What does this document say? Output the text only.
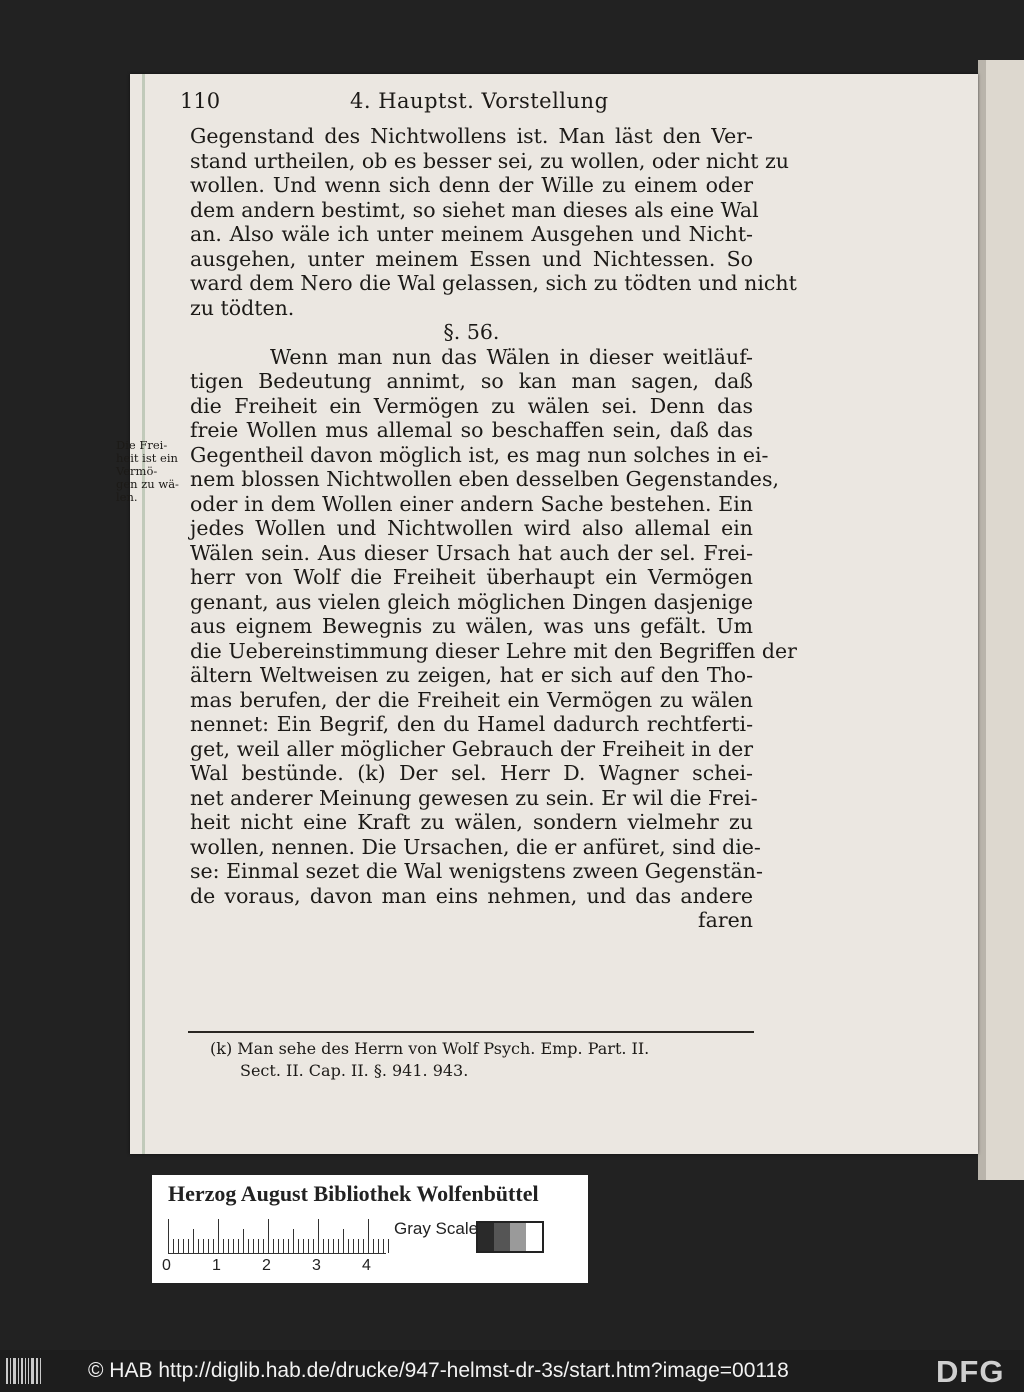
110	4. Hauptst. Vorstellung
Gegenstand des Nichtwollens ist. Man läst den Ver-
stand urtheilen, ob es besser sei, zu wollen, oder nicht zu
wollen. Und wenn sich denn der Wille zu einem oder
dem andern bestimt, so siehet man dieses als eine Wal
an. Also wäle ich unter meinem Ausgehen und Nicht-
ausgehen, unter meinem Essen und Nichtessen. So
ward dem Nero die Wal gelassen, sich zu tödten und nicht
zu tödten.
§. 56.
Wenn man nun das Wälen in dieser weitläuf-
tigen Bedeutung annimt, so kan man sagen, daß
die Freiheit ein Vermögen zu wälen sei. Denn das
freie Wollen mus allemal so beschaffen sein, daß das
Gegentheil davon möglich ist, es mag nun solches in ei-
nem blossen Nichtwollen eben desselben Gegenstandes,
oder in dem Wollen einer andern Sache bestehen. Ein
jedes Wollen und Nichtwollen wird also allemal ein
Wälen sein. Aus dieser Ursach hat auch der sel. Frei-
herr von Wolf die Freiheit überhaupt ein Vermögen
genant, aus vielen gleich möglichen Dingen dasjenige
aus eignem Bewegnis zu wälen, was uns gefält. Um
die Uebereinstimmung dieser Lehre mit den Begriffen der
ältern Weltweisen zu zeigen, hat er sich auf den Tho-
mas berufen, der die Freiheit ein Vermögen zu wälen
nennet: Ein Begrif, den du Hamel dadurch rechtferti-
get, weil aller möglicher Gebrauch der Freiheit in der
Wal bestünde. (k) Der sel. Herr D. Wagner schei-
net anderer Meinung gewesen zu sein. Er wil die Frei-
heit nicht eine Kraft zu wälen, sondern vielmehr zu
wollen, nennen. Die Ursachen, die er anfüret, sind die-
se: Einmal sezet die Wal wenigstens zween Gegenstän-
de voraus, davon man eins nehmen, und das andere
faren
Die Frei-
heit ist ein
Vermö-
gen zu wä-
len.
(k) Man sehe des Herrn von Wolf Psych. Emp. Part. II.
Sect. II. Cap. II. §. 941. 943.
Herzog August Bibliothek Wolfenbüttel
0	1	2	3	4
Gray Scale
© HAB http://diglib.hab.de/drucke/947-helmst-dr-3s/start.htm?image=00118	DFG
